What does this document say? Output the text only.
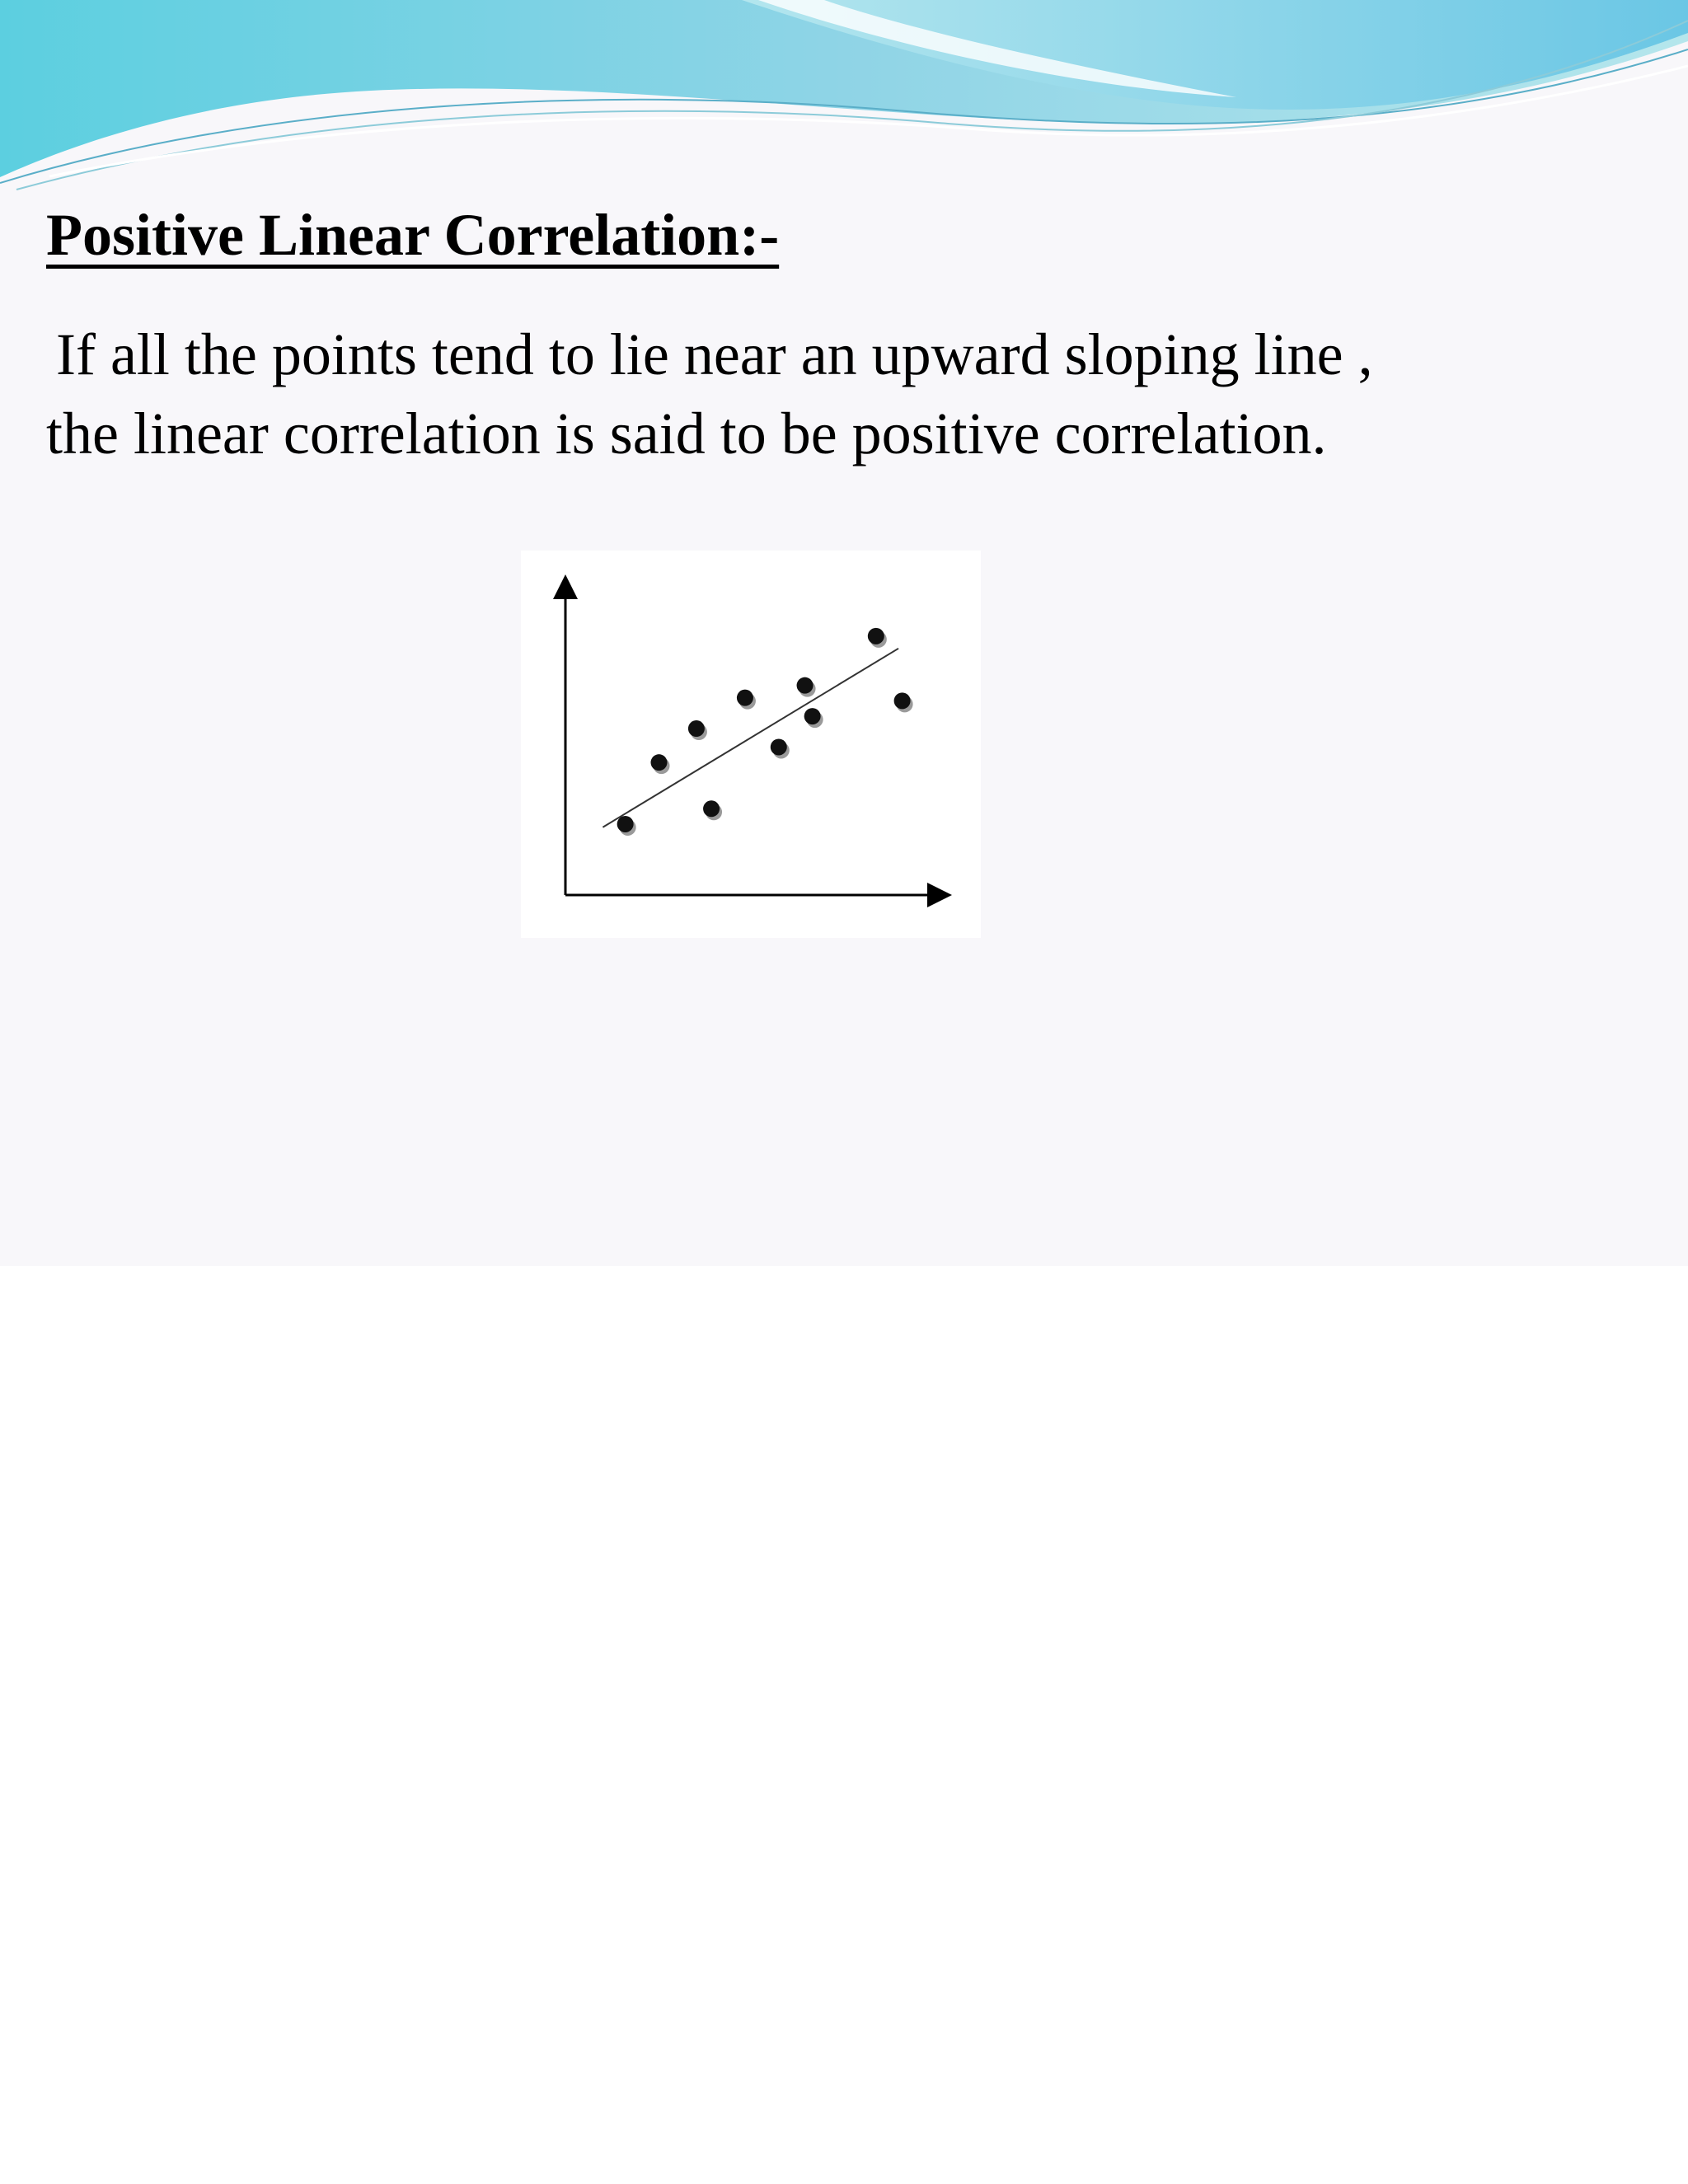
Positive Linear Correlation:-

If all the points tend to lie near an upward sloping line ,
the linear correlation is said to be positive correlation.
